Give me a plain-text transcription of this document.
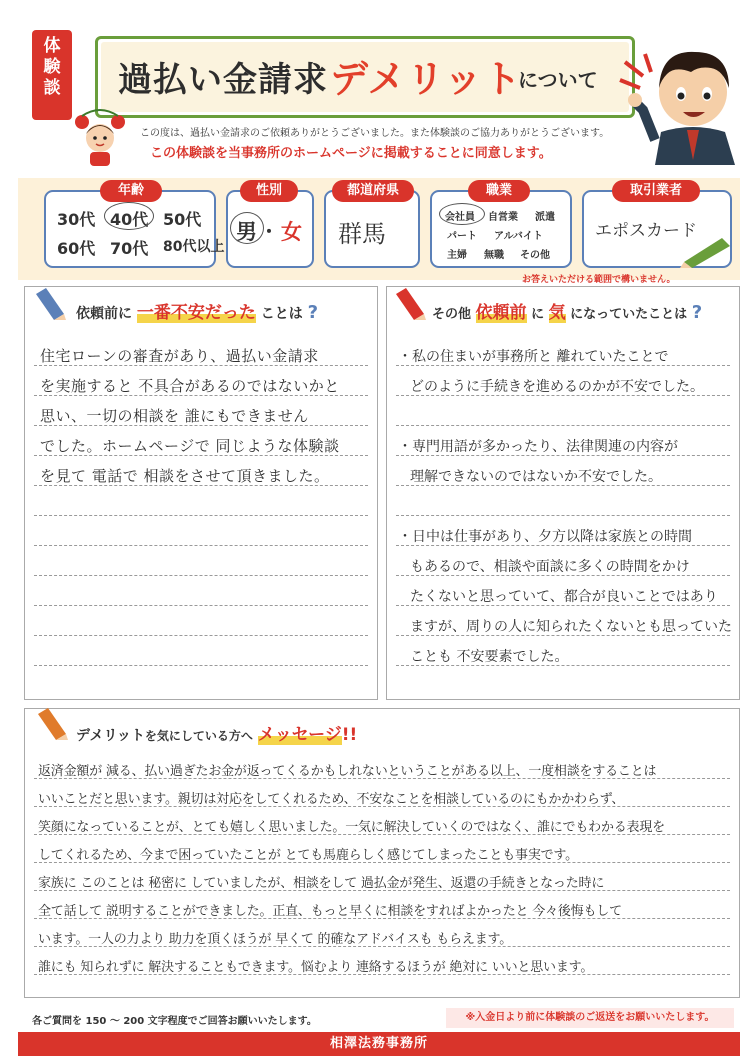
体
験
談	過払い金請求 デメリット
について
この度は、過払い金請求のご依頼ありがとうございました。また体験談のご協力ありがとうございます。
この体験談を当事務所のホームページに掲載することに同意します。
年齢
30代 40代 50代
60代 70代 80代以上
性別
男 ・ 女
都道府県
群馬
職業
会社員 自営業 派遣
パート アルバイト
主婦 無職 その他
取引業者
エポスカード
お答えいただける範囲で構いません。
依頼前に 一番不安だった ことは ?
住宅ローンの審査があり、過払い金請求
を実施すると 不具合があるのではないかと
思い、一切の相談を 誰にもできません
でした。ホームページで 同じような体験談
を見て 電話で 相談をさせて頂きました。
その他 依頼前 に 気 になっていたことは ?
・私の住まいが事務所と 離れていたことで
どのように手続きを進めるのかが不安でした。
・専門用語が多かったり、法律関連の内容が
理解できないのではないか不安でした。
・日中は仕事があり、夕方以降は家族との時間
もあるので、相談や面談に多くの時間をかけ
たくないと思っていて、都合が良いことではあり
ますが、周りの人に知られたくないとも思っていた
ことも 不安要素でした。
デメリットを気にしている方へ メッセージ!!
返済金額が 減る、払い過ぎたお金が返ってくるかもしれないということがある以上、一度相談をすることは
いいことだと思います。親切は対応をしてくれるため、不安なことを相談しているのにもかかわらず、
笑顔になっていることが、とても嬉しく思いました。一気に解決していくのではなく、誰にでもわかる表現を
してくれるため、今まで困っていたことが とても馬鹿らしく感じてしまったことも事実です。
家族に このことは 秘密に していましたが、相談をして 過払金が発生、返還の手続きとなった時に
全て話して 説明することができました。正直、もっと早くに相談をすればよかったと 今々後悔もして
います。一人の力より 助力を頂くほうが 早くて 的確なアドバイスも もらえます。
誰にも 知られずに 解決することもできます。悩むより 連絡するほうが 絶対に いいと思います。
各ご質問を 150 ～ 200 文字程度でご回答お願いいたします。	※入金日より前に体験談のご返送をお願いいたします。
相澤法務事務所
